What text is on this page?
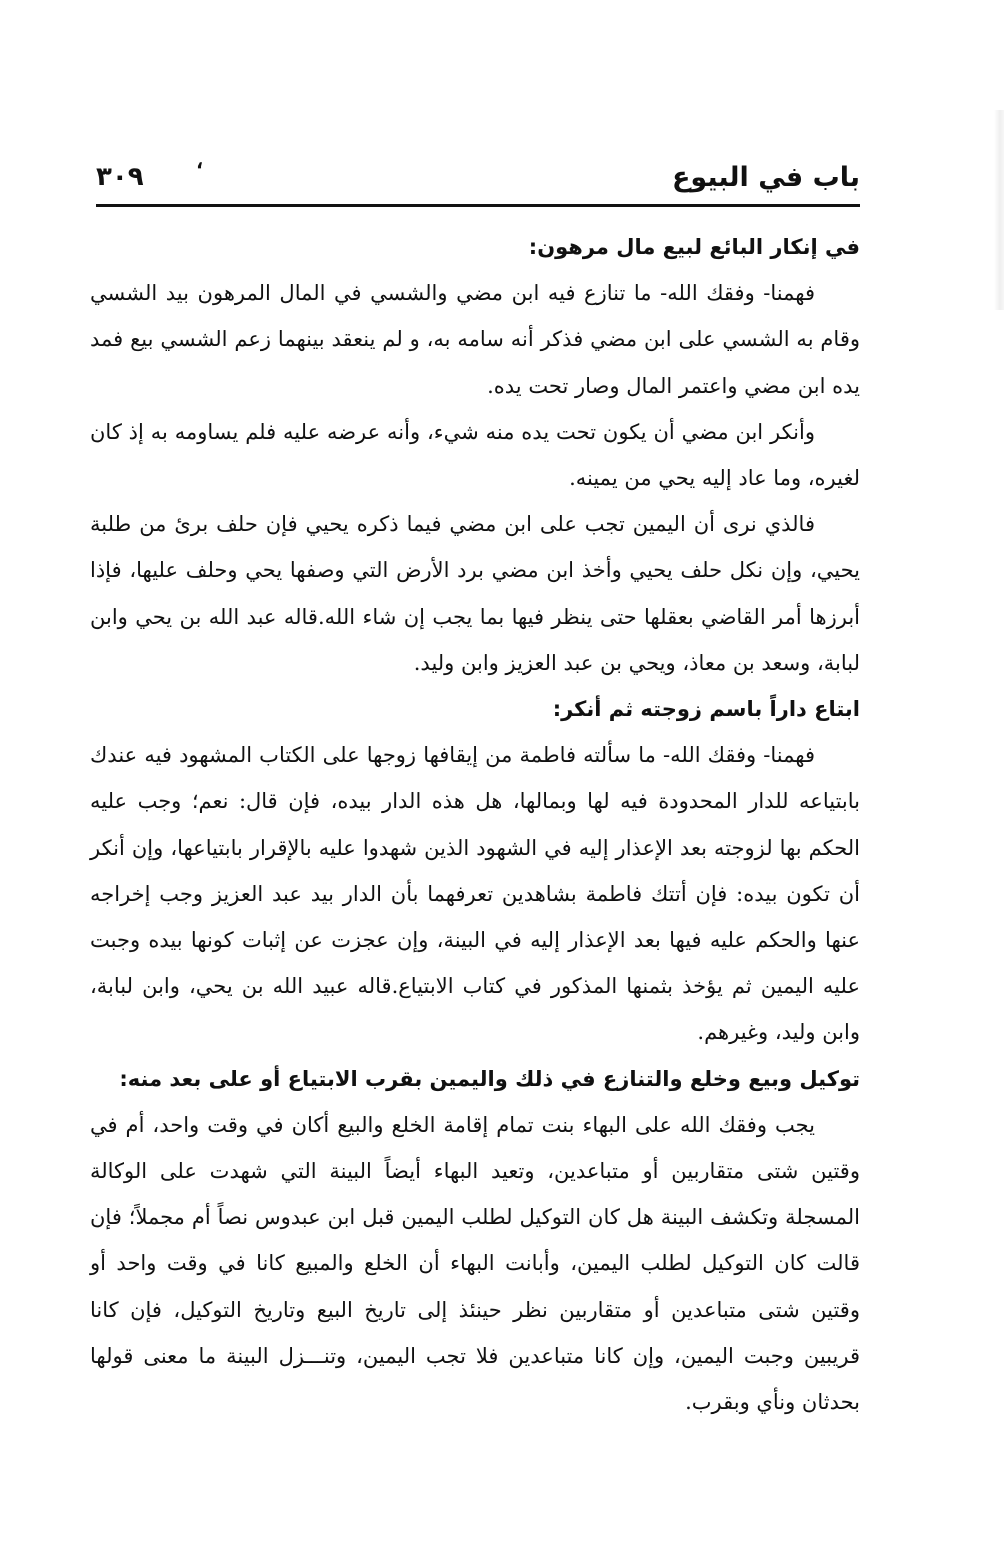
باب في البيوع
،
٣٠٩
في إنكار البائع لبيع مال مرهون:

فهمنا- وفقك الله- ما تنازع فيه ابن مضي والشسي في المال المرهون بيد الشسي وقام به الشسي على ابن مضي فذكر أنه سامه به، و لم ينعقد بينهما زعم الشسي بيع فمد يده ابن مضي واعتمر المال وصار تحت يده.

وأنكر ابن مضي أن يكون تحت يده منه شيء، وأنه عرضه عليه فلم يساومه به إذ كان لغيره، وما عاد إليه يحي من يمينه.

فالذي نرى أن اليمين تجب على ابن مضي فيما ذكره يحيي فإن حلف برئ من طلبة يحيي، وإن نكل حلف يحيي وأخذ ابن مضي برد الأرض التي وصفها يحي وحلف عليها، فإذا أبرزها أمر القاضي بعقلها حتى ينظر فيها بما يجب إن شاء الله.قاله عبد الله بن يحي وابن لبابة، وسعد بن معاذ، ويحي بن عبد العزيز وابن وليد.

ابتاع داراً باسم زوجته ثم أنكر:

فهمنا- وفقك الله- ما سألته فاطمة من إيقافها زوجها على الكتاب المشهود فيه عندك بابتياعه للدار المحدودة فيه لها وبمالها، هل هذه الدار بيده، فإن قال: نعم؛ وجب عليه الحكم بها لزوجته بعد الإعذار إليه في الشهود الذين شهدوا عليه بالإقرار بابتياعها، وإن أنكر أن تكون بيده: فإن أتتك فاطمة بشاهدين تعرفهما بأن الدار بيد عبد العزيز وجب إخراجه عنها والحكم عليه فيها بعد الإعذار إليه في البينة، وإن عجزت عن إثبات كونها بيده وجبت عليه اليمين ثم يؤخذ بثمنها المذكور في كتاب الابتياع.قاله عبيد الله بن يحي، وابن لبابة، وابن وليد، وغيرهم.

توكيل وبيع وخلع والتنازع في ذلك واليمين بقرب الابتياع أو على بعد منه:

يجب وفقك الله على البهاء بنت تمام إقامة الخلع والبيع أكان في وقت واحد، أم في وقتين شتى متقاربين أو متباعدين، وتعيد البهاء أيضاً البينة التي شهدت على الوكالة المسجلة وتكشف البينة هل كان التوكيل لطلب اليمين قبل ابن عبدوس نصاً أم مجملاً؛ فإن قالت كان التوكيل لطلب اليمين، وأبانت البهاء أن الخلع والمبيع كانا في وقت واحد أو وقتين شتى متباعدين أو متقاربين نظر حينئذ إلى تاريخ البيع وتاريخ التوكيل، فإن كانا قريبين وجبت اليمين، وإن كانا متباعدين فلا تجب اليمين، وتنـــزل البينة ما معنى قولها بحدثان ونأي وبقرب.
